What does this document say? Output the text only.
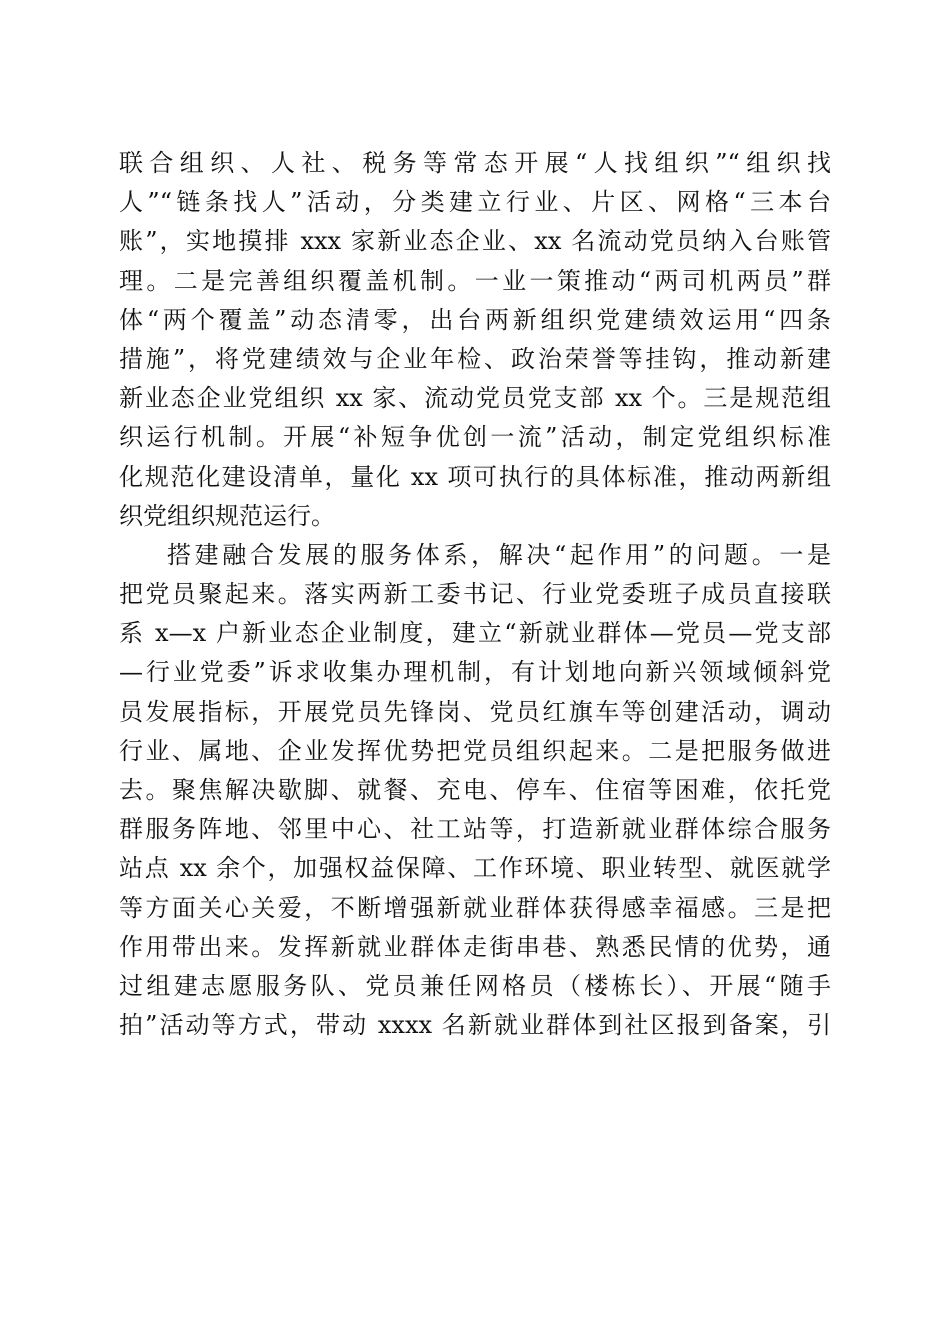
联合组织、人社、税务等常态开展“人找组织”“组织找
人”“链条找人”活动，分类建立行业、片区、网格“三本台
账”，实地摸排 xxx 家新业态企业、xx 名流动党员纳入台账管
理。二是完善组织覆盖机制。一业一策推动“两司机两员”群
体“两个覆盖”动态清零，出台两新组织党建绩效运用“四条
措施”，将党建绩效与企业年检、政治荣誉等挂钩，推动新建
新业态企业党组织 xx 家、流动党员党支部 xx 个。三是规范组
织运行机制。开展“补短争优创一流”活动，制定党组织标准
化规范化建设清单，量化 xx 项可执行的具体标准，推动两新组
织党组织规范运行。
搭建融合发展的服务体系，解决“起作用”的问题。一是
把党员聚起来。落实两新工委书记、行业党委班子成员直接联
系 x—x 户新业态企业制度，建立“新就业群体—党员—党支部
—行业党委”诉求收集办理机制，有计划地向新兴领域倾斜党
员发展指标，开展党员先锋岗、党员红旗车等创建活动，调动
行业、属地、企业发挥优势把党员组织起来。二是把服务做进
去。聚焦解决歇脚、就餐、充电、停车、住宿等困难，依托党
群服务阵地、邻里中心、社工站等，打造新就业群体综合服务
站点 xx 余个，加强权益保障、工作环境、职业转型、就医就学
等方面关心关爱，不断增强新就业群体获得感幸福感。三是把
作用带出来。发挥新就业群体走街串巷、熟悉民情的优势，通
过组建志愿服务队、党员兼任网格员（楼栋长）、开展“随手
拍”活动等方式，带动 xxxx 名新就业群体到社区报到备案，引
